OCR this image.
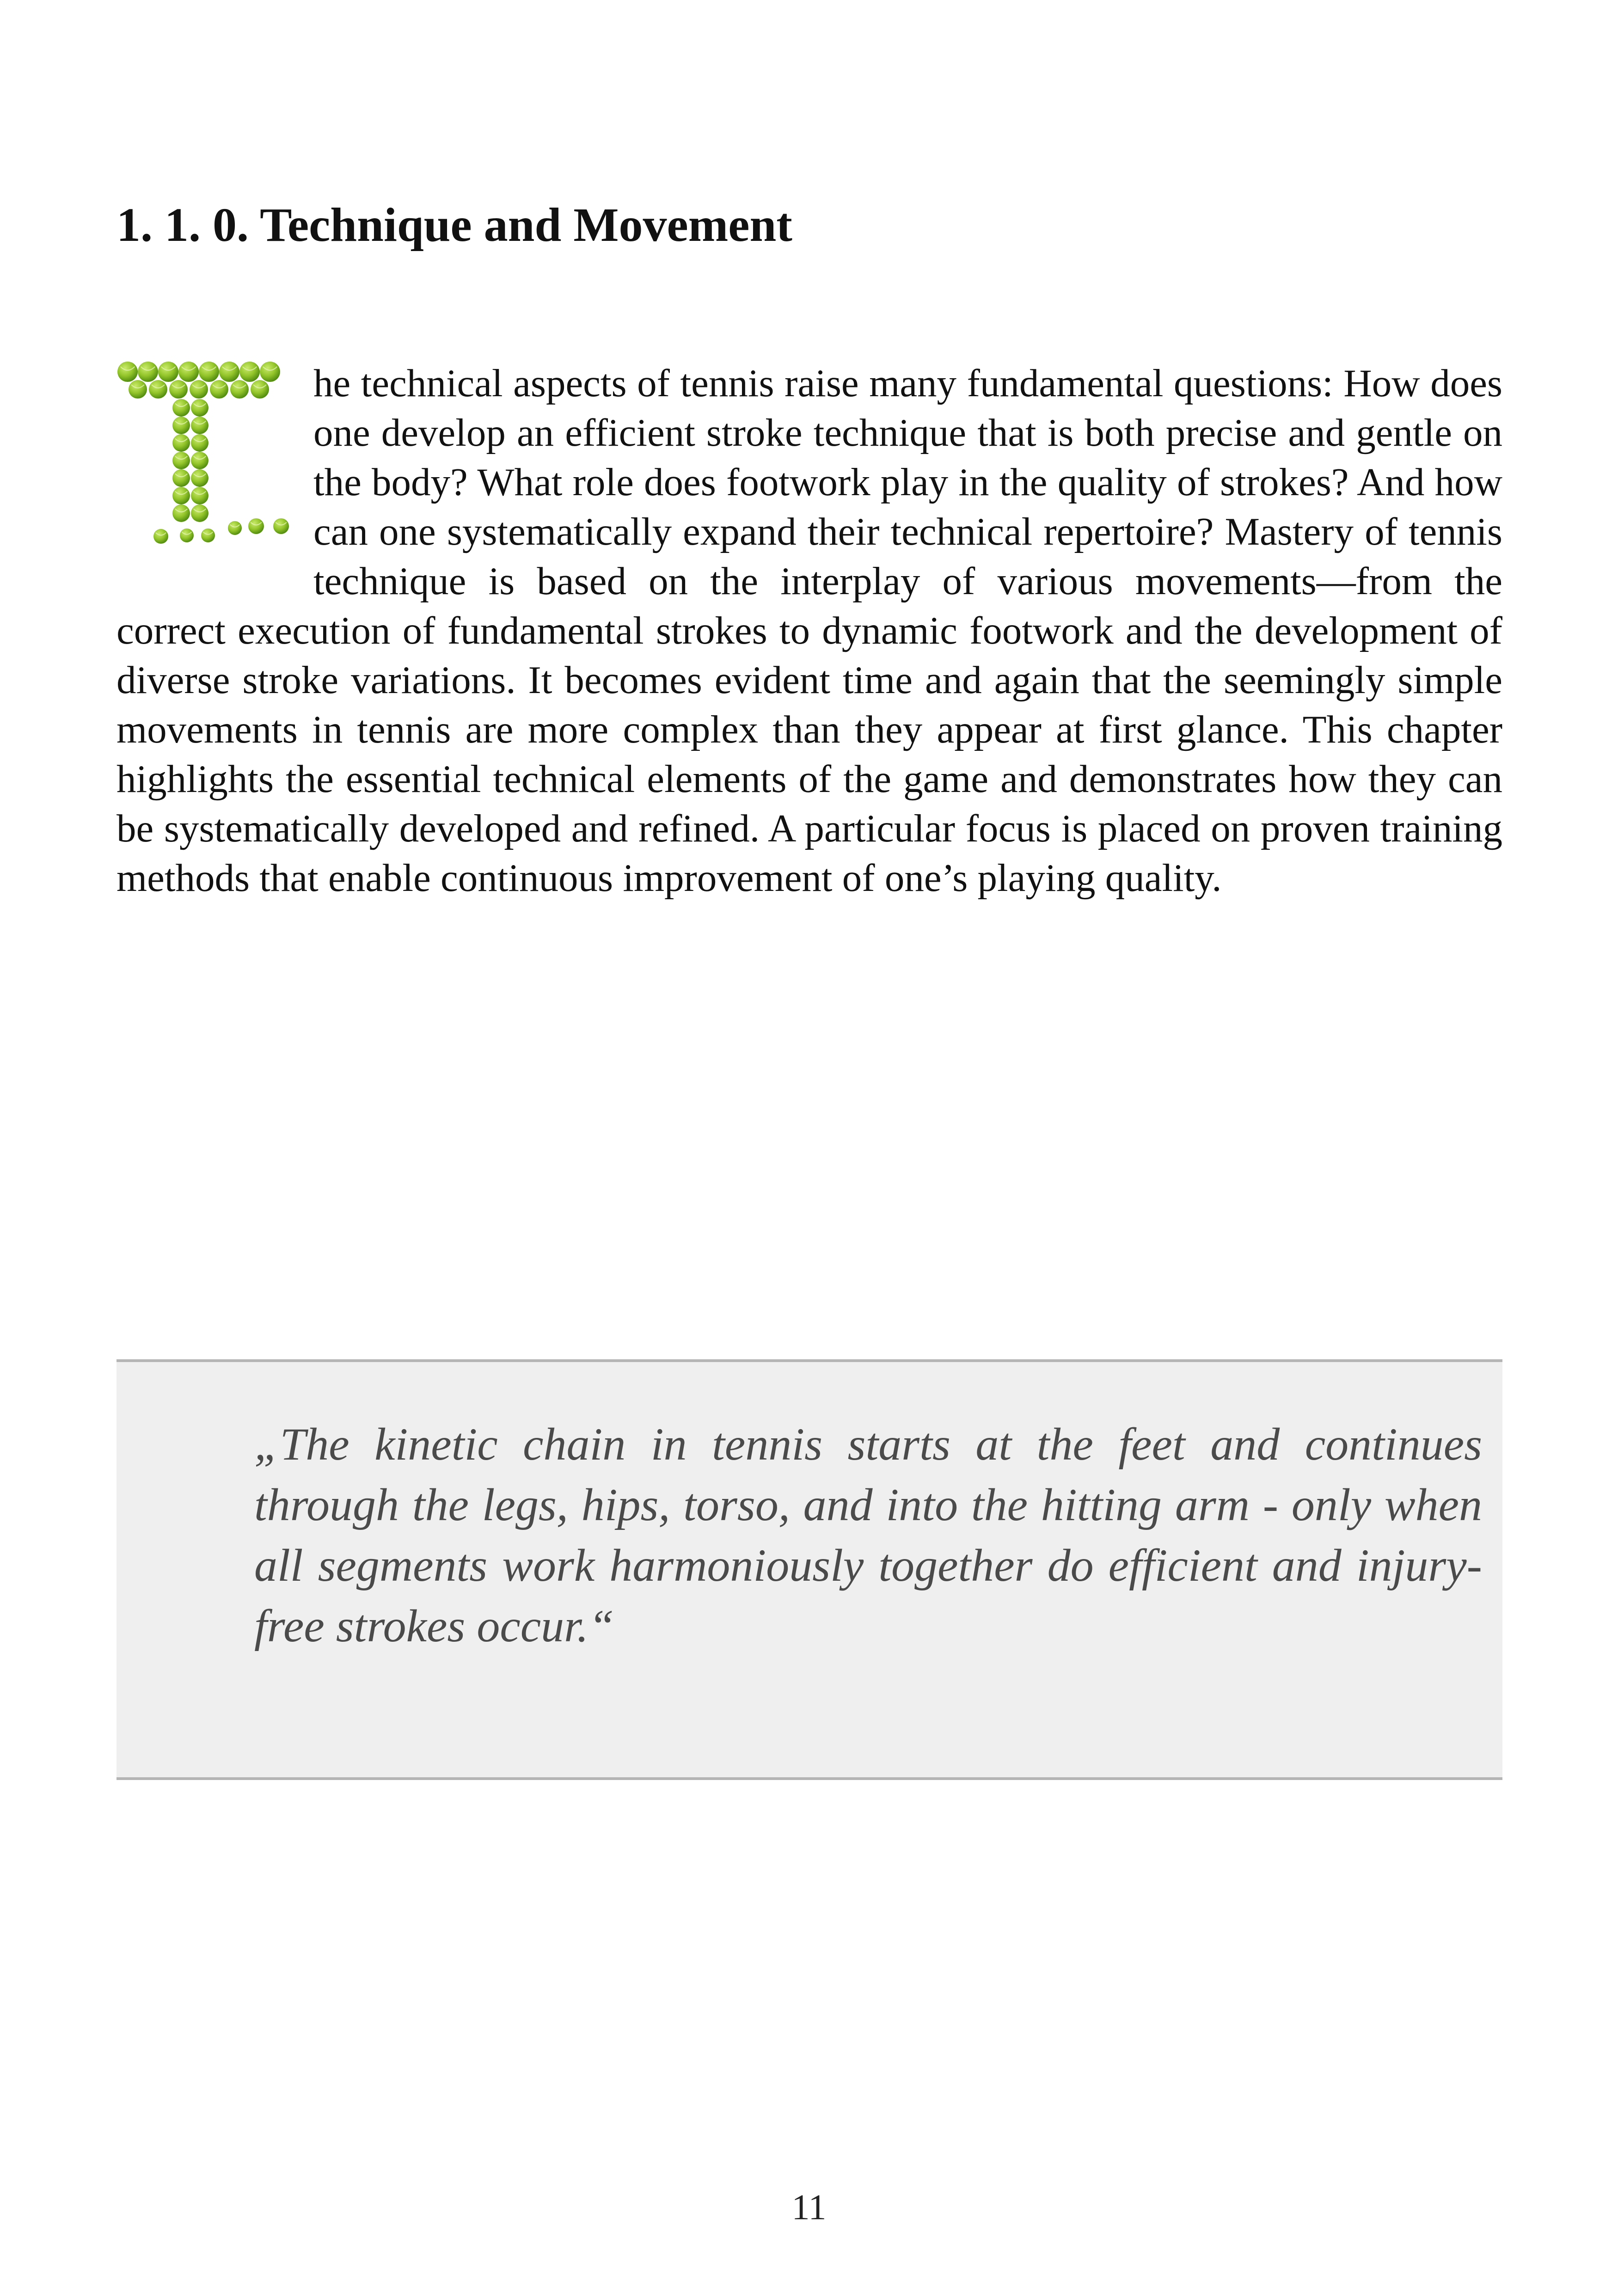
1. 1. 0. Technique and Movement

he technical aspects of tennis raise many fundamental questions: How does one develop an efficient stroke technique that is both precise and gentle on the body? What role does footwork play in the quality of strokes? And how can one systematically expand their technical repertoire? Mastery of tennis technique is based on the interplay of various movements—from the correct execution of fundamental strokes to dynamic footwork and the development of diverse stroke variations. It becomes evident time and again that the seemingly simple movements in tennis are more complex than they appear at first glance. This chapter highlights the essential technical elements of the game and demonstrates how they can be systematically developed and refined. A particular focus is placed on proven training methods that enable continuous improvement of one’s playing quality.

„The kinetic chain in tennis starts at the feet and continues through the legs, hips, torso, and into the hitting arm - only when all segments work harmoniously together do efficient and injury-free strokes occur.“

11
